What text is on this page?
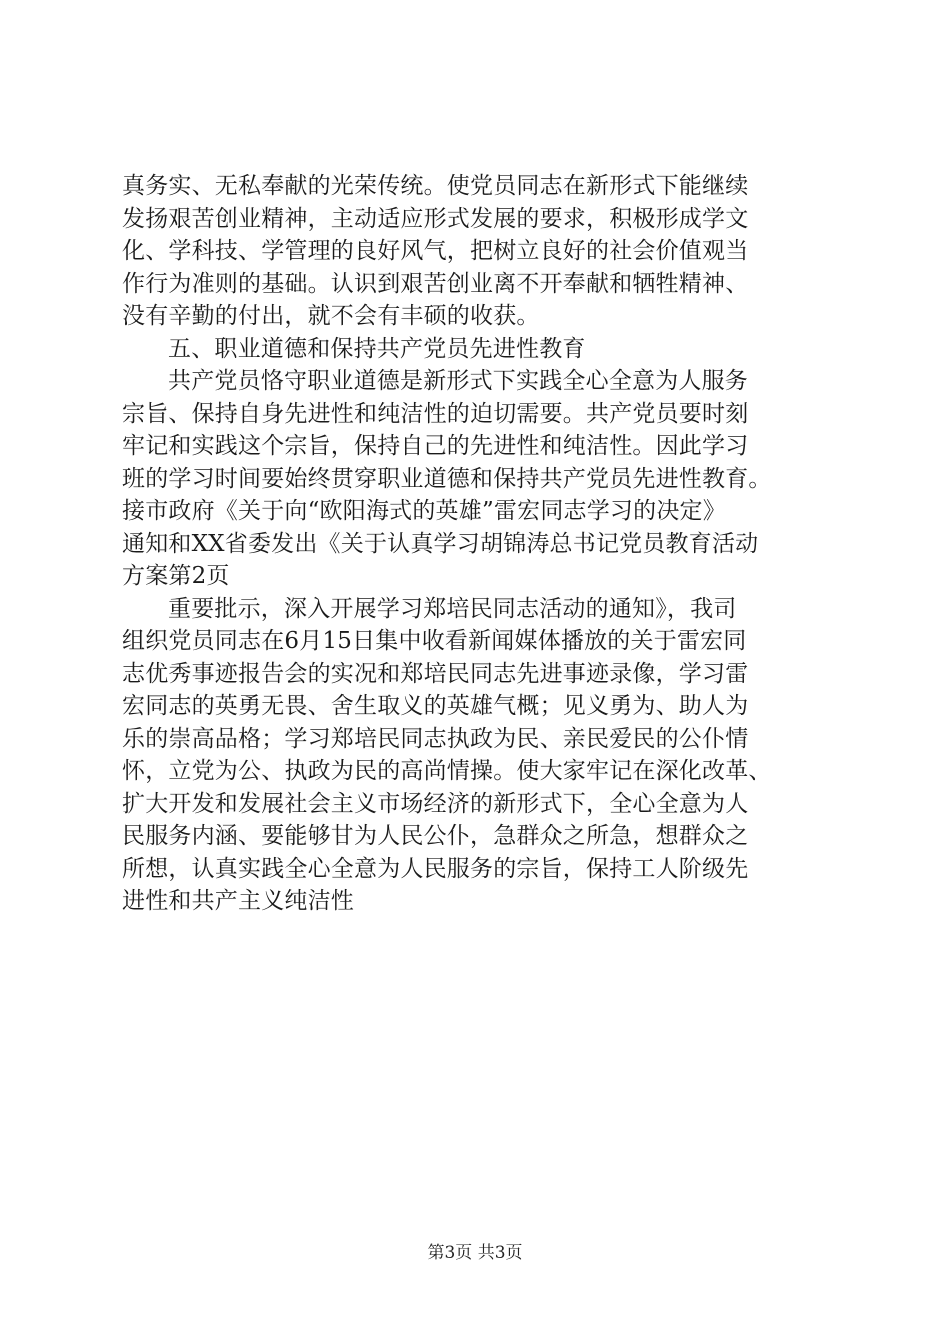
真务实、无私奉献的光荣传统。使党员同志在新形式下能继续
发扬艰苦创业精神，主动适应形式发展的要求，积极形成学文
化、学科技、学管理的良好风气，把树立良好的社会价值观当
作行为准则的基础。认识到艰苦创业离不开奉献和牺牲精神、
没有辛勤的付出，就不会有丰硕的收获。
五、职业道德和保持共产党员先进性教育
共产党员恪守职业道德是新形式下实践全心全意为人服务
宗旨、保持自身先进性和纯洁性的迫切需要。共产党员要时刻
牢记和实践这个宗旨，保持自己的先进性和纯洁性。因此学习
班的学习时间要始终贯穿职业道德和保持共产党员先进性教育。
接市政府《关于向“欧阳海式的英雄”雷宏同志学习的决定》
通知和XX省委发出《关于认真学习胡锦涛总书记党员教育活动
方案第2页
重要批示，深入开展学习郑培民同志活动的通知》，我司
组织党员同志在6月15日集中收看新闻媒体播放的关于雷宏同
志优秀事迹报告会的实况和郑培民同志先进事迹录像，学习雷
宏同志的英勇无畏、舍生取义的英雄气概；见义勇为、助人为
乐的崇高品格；学习郑培民同志执政为民、亲民爱民的公仆情
怀，立党为公、执政为民的高尚情操。使大家牢记在深化改革、
扩大开发和发展社会主义市场经济的新形式下，全心全意为人
民服务内涵、要能够甘为人民公仆，急群众之所急，想群众之
所想，认真实践全心全意为人民服务的宗旨，保持工人阶级先
进性和共产主义纯洁性
第3页 共3页
